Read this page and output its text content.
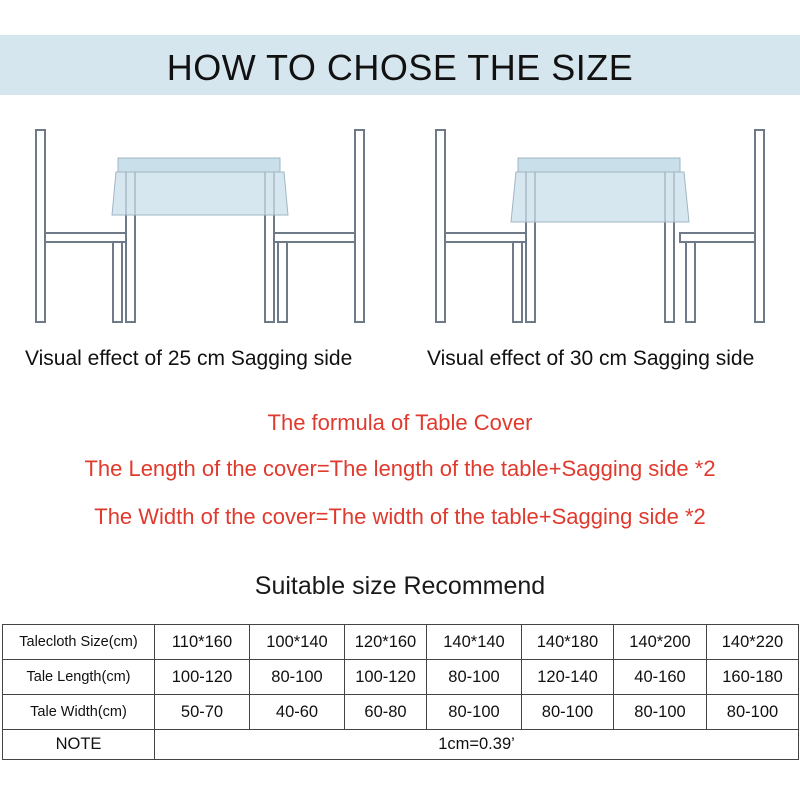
HOW TO CHOSE THE SIZE
Visual effect of 25 cm Sagging side	Visual effect of 30 cm Sagging side
The formula of Table Cover
The Length of the cover=The length of the table+Sagging side *2
The Width of the cover=The width of the table+Sagging side *2
Suitable size Recommend
Talecloth Size(cm)	110*160	100*140	120*160	140*140	140*180	140*200	140*220
Tale Length(cm)	100-120	80-100	100-120	80-100	120-140	40-160	160-180
Tale Width(cm)	50-70	40-60	60-80	80-100	80-100	80-100	80-100
NOTE	1cm=0.39’						
